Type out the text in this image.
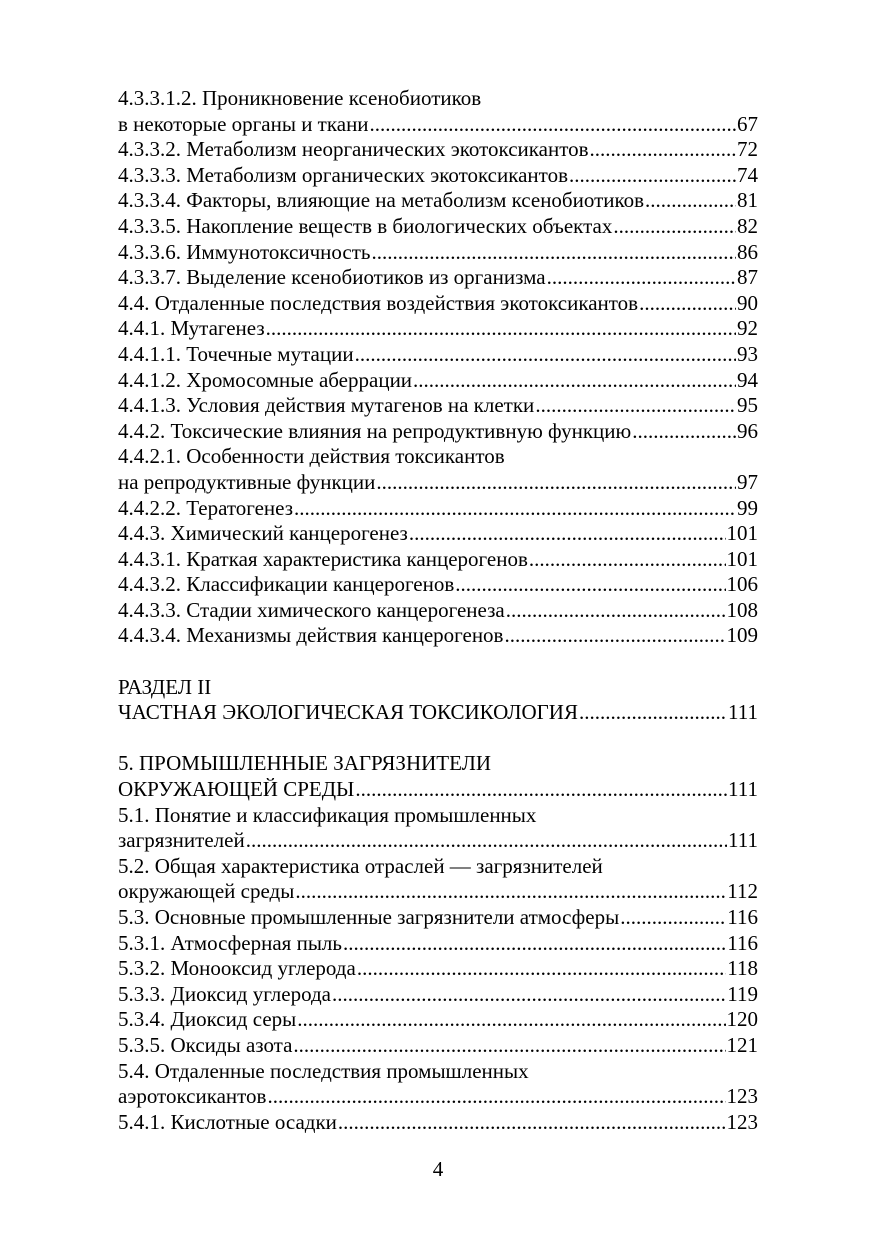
4.3.3.1.2. Проникновение ксенобиотиков
в некоторые органы и ткани .....	67
4.3.3.2. Метаболизм неорганических экотоксикантов .....	72
4.3.3.3. Метаболизм органических экотоксикантов .....	74
4.3.3.4. Факторы, влияющие на метаболизм ксенобиотиков .....	81
4.3.3.5. Накопление веществ в биологических объектах .....	82
4.3.3.6. Иммунотоксичность .....	86
4.3.3.7. Выделение ксенобиотиков из организма .....	87
4.4. Отдаленные последствия воздействия экотоксикантов .....	90
4.4.1. Мутагенез .....	92
4.4.1.1. Точечные мутации .....	93
4.4.1.2. Хромосомные аберрации .....	94
4.4.1.3. Условия действия мутагенов на клетки .....	95
4.4.2. Токсические влияния на репродуктивную функцию .....	96
4.4.2.1. Особенности действия токсикантов
на репродуктивные функции .....	97
4.4.2.2. Тератогенез .....	99
4.4.3. Химический канцерогенез .....	101
4.4.3.1. Краткая характеристика канцерогенов .....	101
4.4.3.2. Классификации канцерогенов .....	106
4.4.3.3. Стадии химического канцерогенеза .....	108
4.4.3.4. Механизмы действия канцерогенов .....	109
РАЗДЕЛ II
ЧАСТНАЯ ЭКОЛОГИЧЕСКАЯ ТОКСИКОЛОГИЯ .....	111
5. ПРОМЫШЛЕННЫЕ ЗАГРЯЗНИТЕЛИ
ОКРУЖАЮЩЕЙ СРЕДЫ .....	111
5.1. Понятие и классификация промышленных
загрязнителей .....	111
5.2. Общая характеристика отраслей — загрязнителей
окружающей среды .....	112
5.3. Основные промышленные загрязнители атмосферы .....	116
5.3.1. Атмосферная пыль .....	116
5.3.2. Монооксид углерода .....	118
5.3.3. Диоксид углерода .....	119
5.3.4. Диоксид серы .....	120
5.3.5. Оксиды азота .....	121
5.4. Отдаленные последствия промышленных
аэротоксикантов .....	123
5.4.1. Кислотные осадки .....	123
4
